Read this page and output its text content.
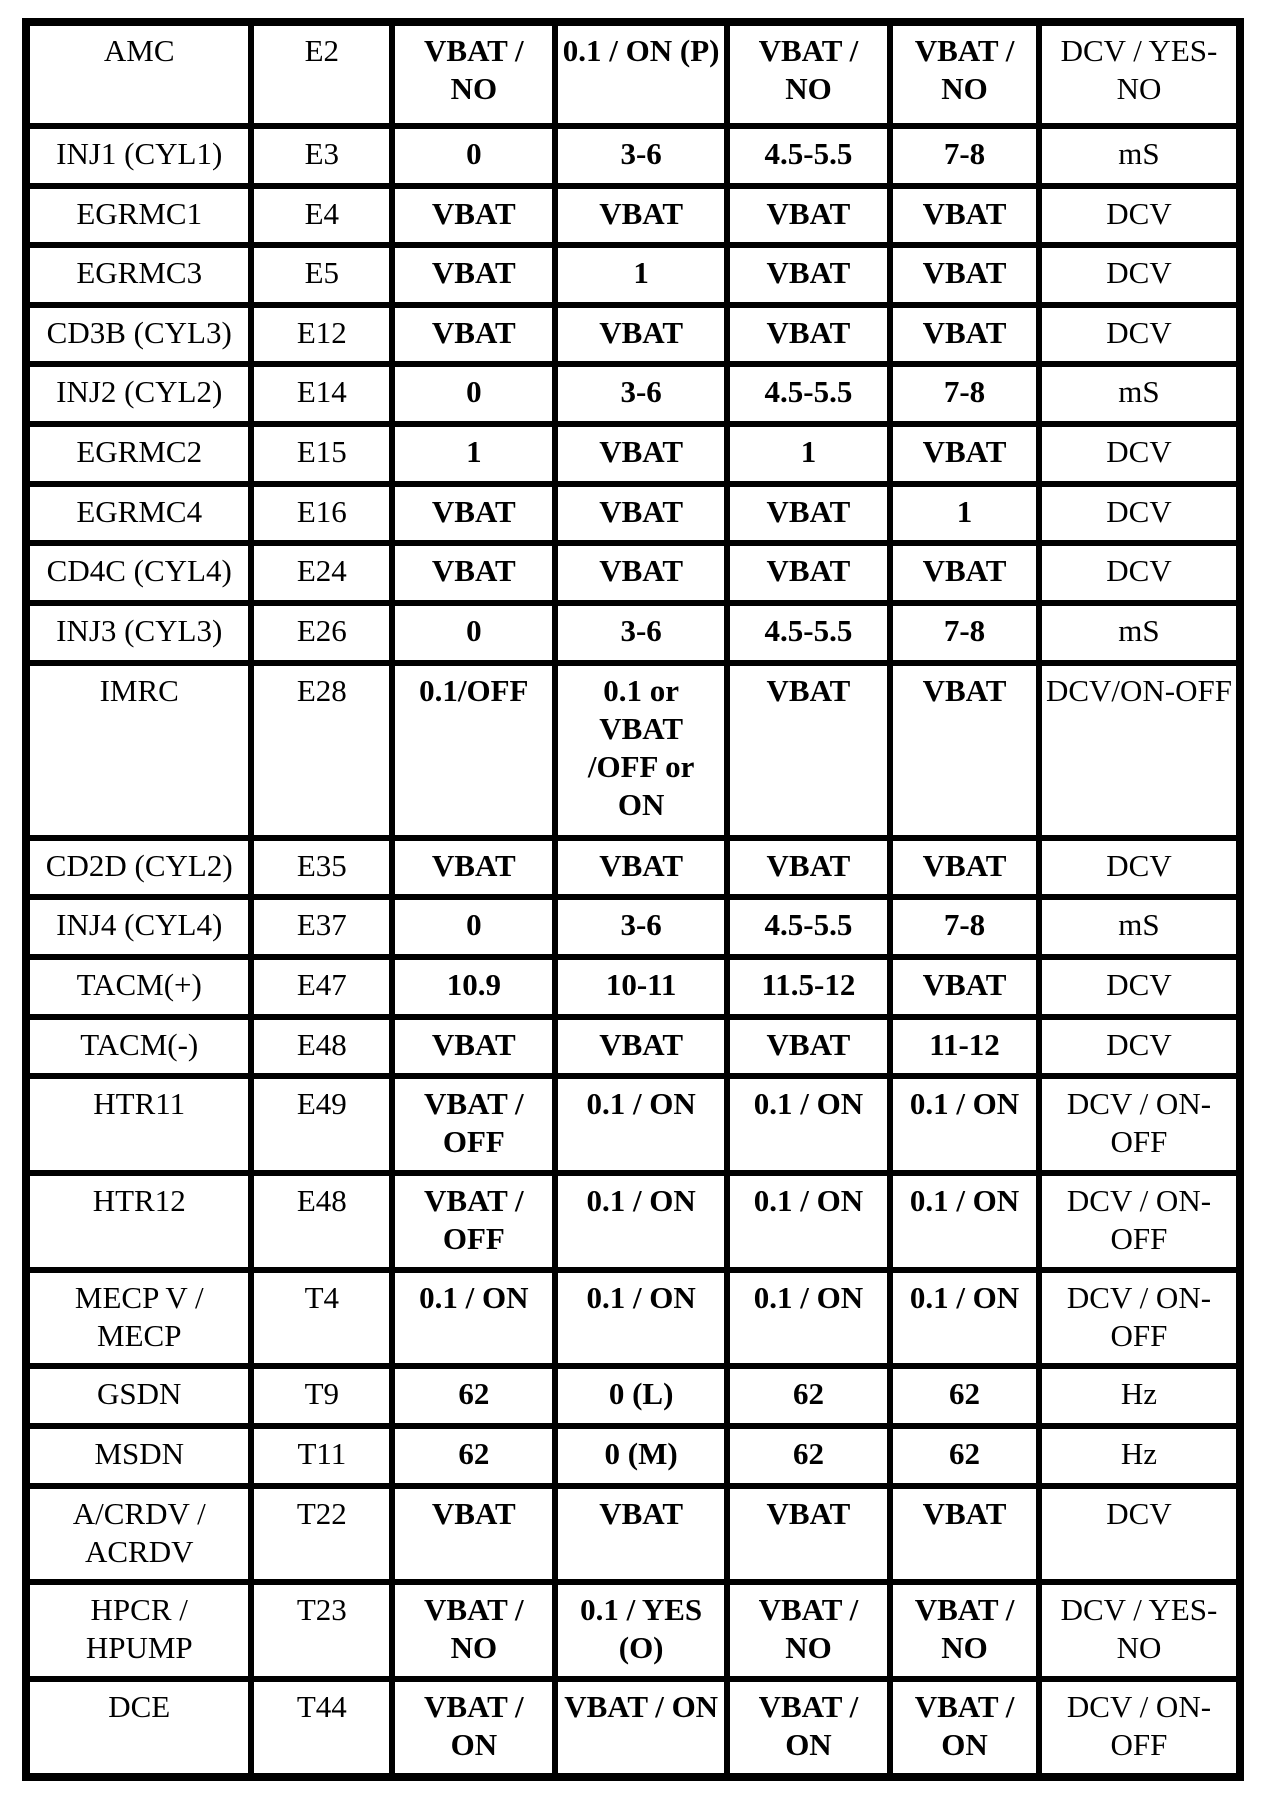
AMC	E2	VBAT / NO	0.1 / ON (P)	VBAT / NO	VBAT / NO	DCV / YES-NO
INJ1 (CYL1)	E3	0	3-6	4.5-5.5	7-8	mS
EGRMC1	E4	VBAT	VBAT	VBAT	VBAT	DCV
EGRMC3	E5	VBAT	1	VBAT	VBAT	DCV
CD3B (CYL3)	E12	VBAT	VBAT	VBAT	VBAT	DCV
INJ2 (CYL2)	E14	0	3-6	4.5-5.5	7-8	mS
EGRMC2	E15	1	VBAT	1	VBAT	DCV
EGRMC4	E16	VBAT	VBAT	VBAT	1	DCV
CD4C (CYL4)	E24	VBAT	VBAT	VBAT	VBAT	DCV
INJ3 (CYL3)	E26	0	3-6	4.5-5.5	7-8	mS
IMRC	E28	0.1/OFF	0.1 or VBAT /OFF or ON	VBAT	VBAT	DCV/ON-OFF
CD2D (CYL2)	E35	VBAT	VBAT	VBAT	VBAT	DCV
INJ4 (CYL4)	E37	0	3-6	4.5-5.5	7-8	mS
TACM(+)	E47	10.9	10-11	11.5-12	VBAT	DCV
TACM(-)	E48	VBAT	VBAT	VBAT	11-12	DCV
HTR11	E49	VBAT / OFF	0.1 / ON	0.1 / ON	0.1 / ON	DCV / ON-OFF
HTR12	E48	VBAT / OFF	0.1 / ON	0.1 / ON	0.1 / ON	DCV / ON-OFF
MECP V / MECP	T4	0.1 / ON	0.1 / ON	0.1 / ON	0.1 / ON	DCV / ON-OFF
GSDN	T9	62	0 (L)	62	62	Hz
MSDN	T11	62	0 (M)	62	62	Hz
A/CRDV / ACRDV	T22	VBAT	VBAT	VBAT	VBAT	DCV
HPCR / HPUMP	T23	VBAT / NO	0.1 / YES (O)	VBAT / NO	VBAT / NO	DCV / YES-NO
DCE	T44	VBAT / ON	VBAT / ON	VBAT / ON	VBAT / ON	DCV / ON-OFF
